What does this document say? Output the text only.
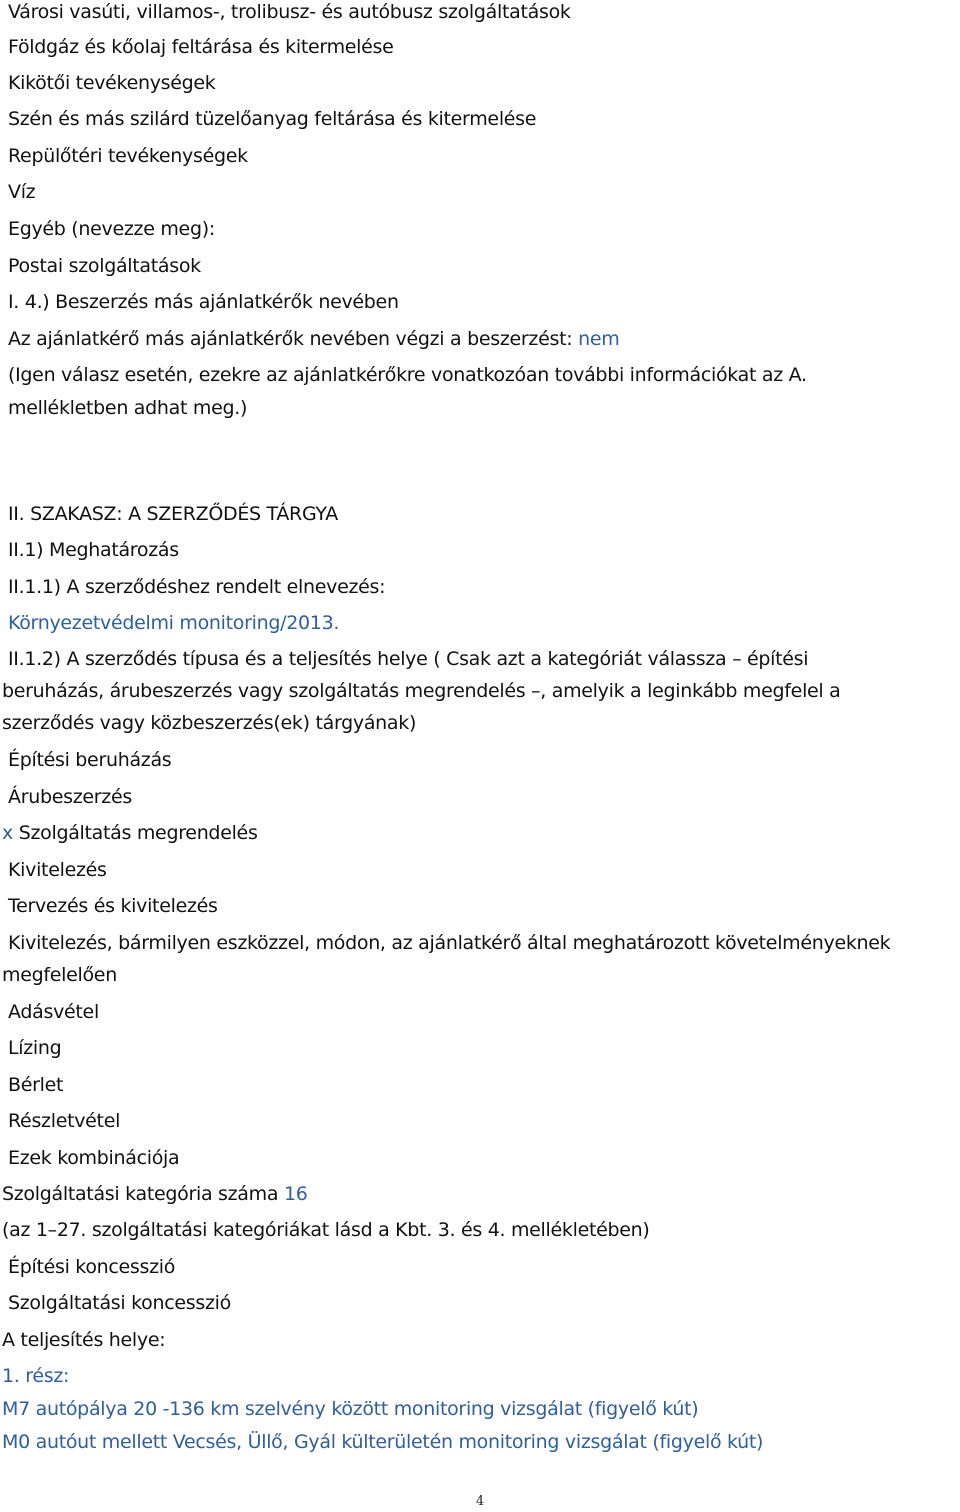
Városi vasúti, villamos-, trolibusz- és autóbusz szolgáltatások
Földgáz és kőolaj feltárása és kitermelése
Kikötői tevékenységek
Szén és más szilárd tüzelőanyag feltárása és kitermelése
Repülőtéri tevékenységek
Víz
Egyéb (nevezze meg):
Postai szolgáltatások
I. 4.) Beszerzés más ajánlatkérők nevében
Az ajánlatkérő más ajánlatkérők nevében végzi a beszerzést: nem
(Igen válasz esetén, ezekre az ajánlatkérőkre vonatkozóan további információkat az A.
mellékletben adhat meg.)
II. SZAKASZ: A SZERZŐDÉS TÁRGYA
II.1) Meghatározás
II.1.1) A szerződéshez rendelt elnevezés:
Környezetvédelmi monitoring/2013.
II.1.2) A szerződés típusa és a teljesítés helye ( Csak azt a kategóriát válassza – építési
beruházás, árubeszerzés vagy szolgáltatás megrendelés –, amelyik a leginkább megfelel a
szerződés vagy közbeszerzés(ek) tárgyának)
Építési beruházás
Árubeszerzés
x Szolgáltatás megrendelés
Kivitelezés
Tervezés és kivitelezés
Kivitelezés, bármilyen eszközzel, módon, az ajánlatkérő által meghatározott követelményeknek
megfelelően
Adásvétel
Lízing
Bérlet
Részletvétel
Ezek kombinációja
Szolgáltatási kategória száma 16
(az 1–27. szolgáltatási kategóriákat lásd a Kbt. 3. és 4. mellékletében)
Építési koncesszió
Szolgáltatási koncesszió
A teljesítés helye:
1. rész:
M7 autópálya 20 -136 km szelvény között monitoring vizsgálat (figyelő kút)
M0 autóut mellett Vecsés, Üllő, Gyál külterületén monitoring vizsgálat (figyelő kút)
4
